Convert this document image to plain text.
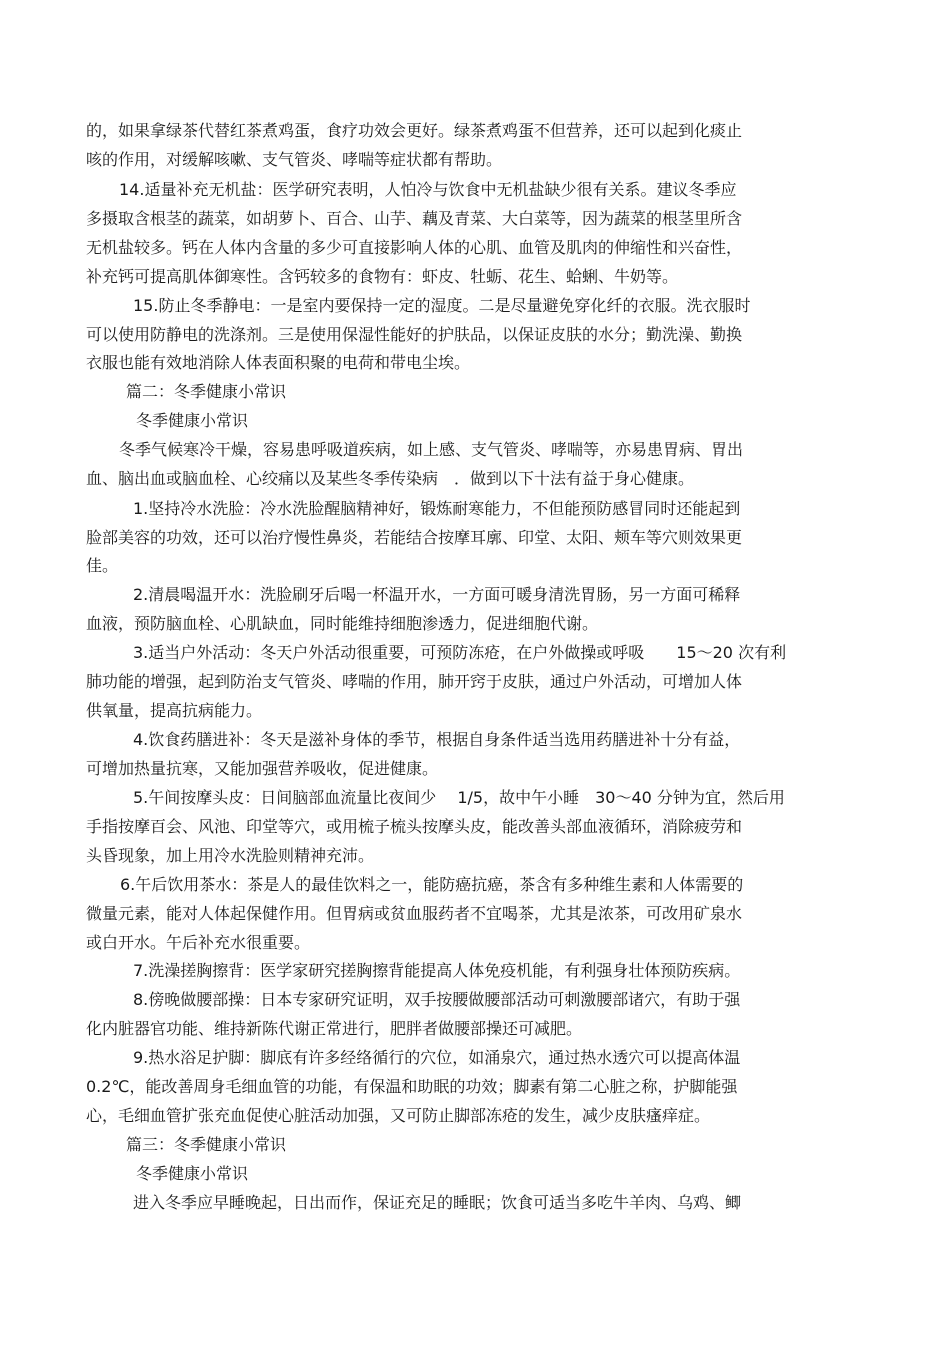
的，如果拿绿茶代替红茶煮鸡蛋，食疗功效会更好。绿茶煮鸡蛋不但营养，还可以起到化痰止
咳的作用，对缓解咳嗽、支气管炎、哮喘等症状都有帮助。
14.适量补充无机盐：医学研究表明，人怕冷与饮食中无机盐缺少很有关系。建议冬季应
多摄取含根茎的蔬菜，如胡萝卜、百合、山芋、藕及青菜、大白菜等，因为蔬菜的根茎里所含
无机盐较多。钙在人体内含量的多少可直接影响人体的心肌、血管及肌肉的伸缩性和兴奋性，
补充钙可提高肌体御寒性。含钙较多的食物有：虾皮、牡蛎、花生、蛤蜊、牛奶等。
15.防止冬季静电：一是室内要保持一定的湿度。二是尽量避免穿化纤的衣服。洗衣服时
可以使用防静电的洗涤剂。三是使用保湿性能好的护肤品，以保证皮肤的水分；勤洗澡、勤换
衣服也能有效地消除人体表面积聚的电荷和带电尘埃。
篇二：冬季健康小常识
冬季健康小常识
冬季气候寒冷干燥，容易患呼吸道疾病，如上感、支气管炎、哮喘等，亦易患胃病、胃出
血、脑出血或脑血栓、心绞痛以及某些冬季传染病　．做到以下十法有益于身心健康。
1.坚持冷水洗脸：冷水洗脸醒脑精神好，锻炼耐寒能力，不但能预防感冒同时还能起到
脸部美容的功效，还可以治疗慢性鼻炎，若能结合按摩耳廓、印堂、太阳、颊车等穴则效果更
佳。
2.清晨喝温开水：洗脸刷牙后喝一杯温开水，一方面可暖身清洗胃肠，另一方面可稀释
血液，预防脑血栓、心肌缺血，同时能维持细胞渗透力，促进细胞代谢。
3.适当户外活动：冬天户外活动很重要，可预防冻疮，在户外做操或呼吸　　15～20 次有利
肺功能的增强，起到防治支气管炎、哮喘的作用，肺开窍于皮肤，通过户外活动，可增加人体
供氧量，提高抗病能力。
4.饮食药膳进补：冬天是滋补身体的季节，根据自身条件适当选用药膳进补十分有益，
可增加热量抗寒，又能加强营养吸收，促进健康。
5.午间按摩头皮：日间脑部血流量比夜间少　 1/5，故中午小睡　30～40 分钟为宜，然后用
手指按摩百会、风池、印堂等穴，或用梳子梳头按摩头皮，能改善头部血液循环，消除疲劳和
头昏现象，加上用冷水洗脸则精神充沛。
6.午后饮用茶水：茶是人的最佳饮料之一，能防癌抗癌，茶含有多种维生素和人体需要的
微量元素，能对人体起保健作用。但胃病或贫血服药者不宜喝茶，尤其是浓茶，可改用矿泉水
或白开水。午后补充水很重要。
7.洗澡搓胸擦背：医学家研究搓胸擦背能提高人体免疫机能，有利强身壮体预防疾病。
8.傍晚做腰部操：日本专家研究证明，双手按腰做腰部活动可刺激腰部诸穴，有助于强
化内脏器官功能、维持新陈代谢正常进行，肥胖者做腰部操还可减肥。
9.热水浴足护脚：脚底有许多经络循行的穴位，如涌泉穴，通过热水透穴可以提高体温
0.2℃，能改善周身毛细血管的功能，有保温和助眠的功效；脚素有第二心脏之称，护脚能强
心，毛细血管扩张充血促使心脏活动加强，又可防止脚部冻疮的发生，减少皮肤瘙痒症。
篇三：冬季健康小常识
冬季健康小常识
进入冬季应早睡晚起，日出而作，保证充足的睡眠；饮食可适当多吃牛羊肉、乌鸡、鲫
